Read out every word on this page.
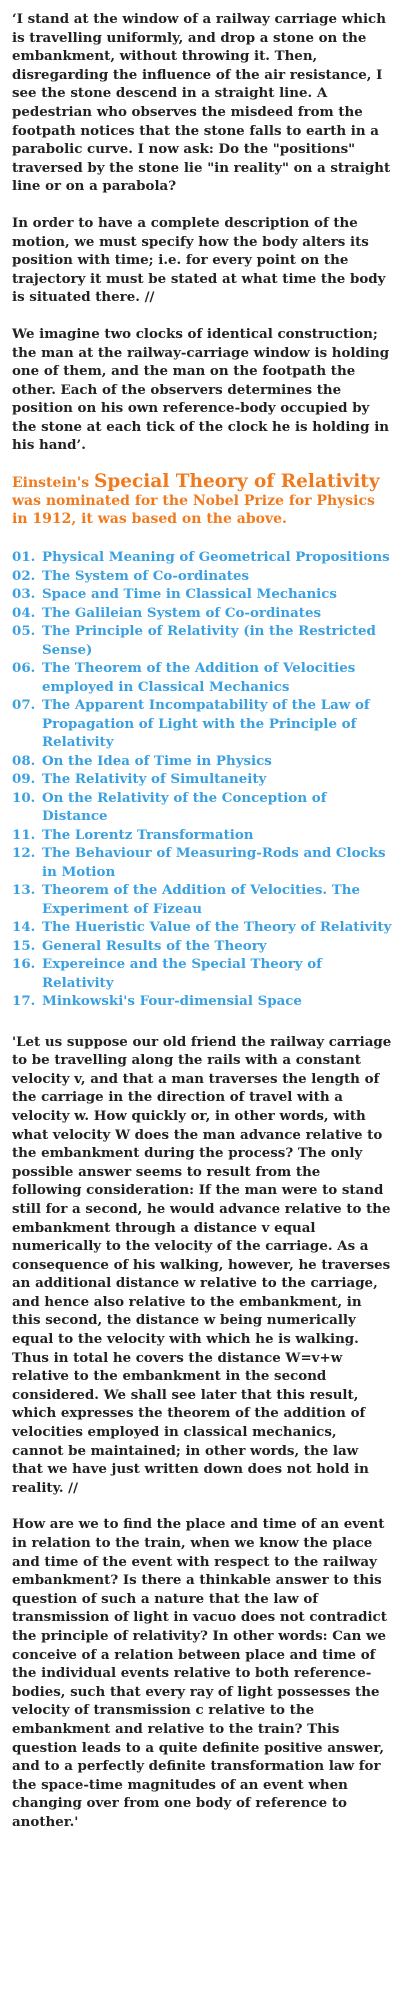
‘I stand at the window of a railway carriage which is travelling uniformly, and drop a stone on the embankment, without throwing it. Then, disregarding the influence of the air resistance, I see the stone descend in a straight line. A pedestrian who observes the misdeed from the footpath notices that the stone falls to earth in a parabolic curve. I now ask: Do the "positions" traversed by the stone lie "in reality" on a straight line or on a parabola?

In order to have a complete description of the motion, we must specify how the body alters its position with time; i.e. for every point on the trajectory it must be stated at what time the body is situated there. //

We imagine two clocks of identical construction; the man at the railway-carriage window is holding one of them, and the man on the footpath the other. Each of the observers determines the position on his own reference-body occupied by the stone at each tick of the clock he is holding in his hand’.

Einstein's Special Theory of Relativity was nominated for the Nobel Prize for Physics in 1912, it was based on the above.

01. Physical Meaning of Geometrical Propositions
02. The System of Co-ordinates
03. Space and Time in Classical Mechanics
04. The Galileian System of Co-ordinates
05. The Principle of Relativity (in the Restricted Sense)
06. The Theorem of the Addition of Velocities employed in Classical Mechanics
07. The Apparent Incompatability of the Law of Propagation of Light with the Principle of Relativity
08. On the Idea of Time in Physics
09. The Relativity of Simultaneity
10. On the Relativity of the Conception of Distance
11. The Lorentz Transformation
12. The Behaviour of Measuring-Rods and Clocks in Motion
13. Theorem of the Addition of Velocities. The Experiment of Fizeau
14. The Hueristic Value of the Theory of Relativity
15. General Results of the Theory
16. Expereince and the Special Theory of Relativity
17. Minkowski's Four-dimensial Space

'Let us suppose our old friend the railway carriage to be travelling along the rails with a constant velocity v, and that a man traverses the length of the carriage in the direction of travel with a velocity w. How quickly or, in other words, with what velocity W does the man advance relative to the embankment during the process? The only possible answer seems to result from the following consideration: If the man were to stand still for a second, he would advance relative to the embankment through a distance v equal numerically to the velocity of the carriage. As a consequence of his walking, however, he traverses an additional distance w relative to the carriage, and hence also relative to the embankment, in this second, the distance w being numerically equal to the velocity with which he is walking. Thus in total he covers the distance W=v+w relative to the embankment in the second considered. We shall see later that this result, which expresses the theorem of the addition of velocities employed in classical mechanics, cannot be maintained; in other words, the law that we have just written down does not hold in reality. //

How are we to find the place and time of an event in relation to the train, when we know the place and time of the event with respect to the railway embankment? Is there a thinkable answer to this question of such a nature that the law of transmission of light in vacuo does not contradict the principle of relativity? In other words: Can we conceive of a relation between place and time of the individual events relative to both reference-bodies, such that every ray of light possesses the velocity of transmission c relative to the embankment and relative to the train? This question leads to a quite definite positive answer, and to a perfectly definite transformation law for the space-time magnitudes of an event when changing over from one body of reference to another.'
